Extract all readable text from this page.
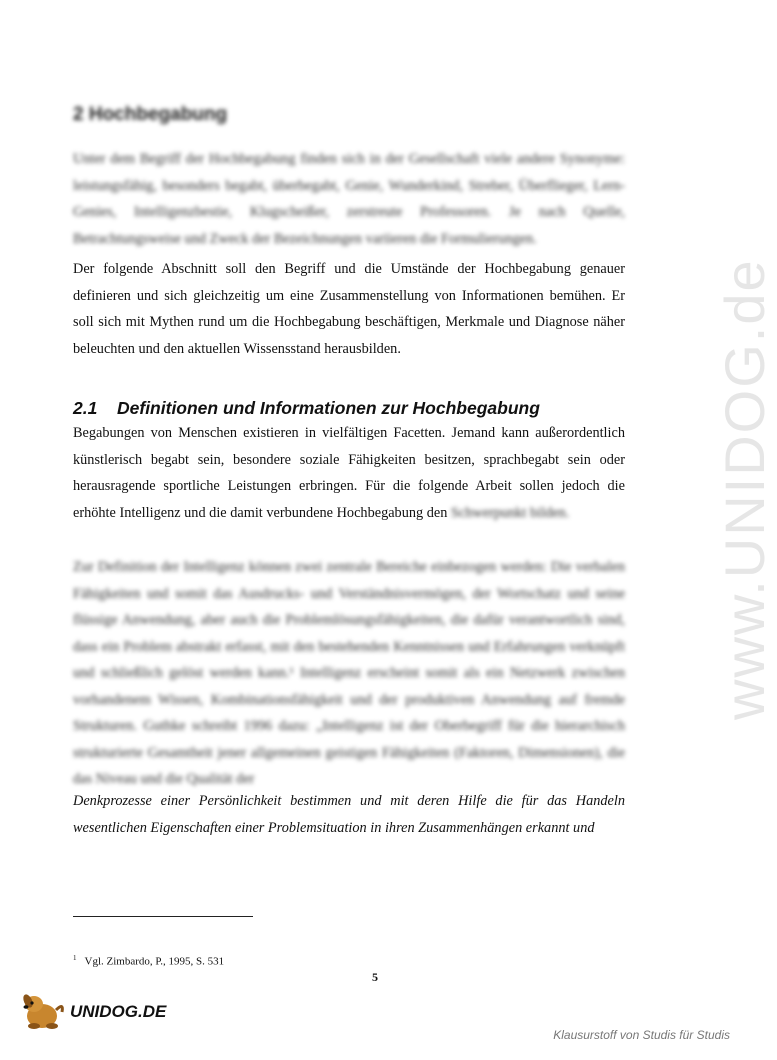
www.UNIDOG.de
2 Hochbegabung
Unter dem Begriff der Hochbegabung finden sich in der Gesellschaft viele andere Synonyme: leistungsfähig, besonders begabt, überbegabt, Genie, Wunderkind, Streber, Überflieger, Lern-Genies, Intelligenzbestie, Klugscheißer, zerstreute Professoren. Je nach Quelle, Betrachtungsweise und Zweck der Bezeichnungen variieren die Formulierungen.
Der folgende Abschnitt soll den Begriff und die Umstände der Hochbegabung genauer definieren und sich gleichzeitig um eine Zusammenstellung von Informationen bemühen. Er soll sich mit Mythen rund um die Hochbegabung beschäftigen, Merkmale und Diagnose näher beleuchten und den aktuellen Wissensstand herausbilden.
2.1 Definitionen und Informationen zur Hochbegabung
Begabungen von Menschen existieren in vielfältigen Facetten. Jemand kann außerordentlich künstlerisch begabt sein, besondere soziale Fähigkeiten besitzen, sprachbegabt sein oder herausragende sportliche Leistungen erbringen. Für die folgende Arbeit sollen jedoch die erhöhte Intelligenz und die damit verbundene Hochbegabung den Schwerpunkt bilden.
Zur Definition der Intelligenz können zwei zentrale Bereiche einbezogen werden: Die verbalen Fähigkeiten und somit das Ausdrucks- und Verständnisvermögen, der Wortschatz und seine flüssige Anwendung, aber auch die Problemlösungsfähigkeiten, die dafür verantwortlich sind, dass ein Problem abstrakt erfasst, mit den bestehenden Kenntnissen und Erfahrungen verknüpft und schließlich gelöst werden kann.¹ Intelligenz erscheint somit als ein Netzwerk zwischen vorhandenem Wissen, Kombinationsfähigkeit und der produktiven Anwendung auf fremde Strukturen. Guthke schreibt 1996 dazu: „Intelligenz ist der Oberbegriff für die hierarchisch strukturierte Gesamtheit jener allgemeinen geistigen Fähigkeiten (Faktoren, Dimensionen), die das Niveau und die Qualität der
Denkprozesse einer Persönlichkeit bestimmen und mit deren Hilfe die für das Handeln wesentlichen Eigenschaften einer Problemsituation in ihren Zusammenhängen erkannt und
$^1$ Vgl. Zimbardo, P., 1995, S. 531
5
UNIDOG.DE
Klausurstoff von Studis für Studis
